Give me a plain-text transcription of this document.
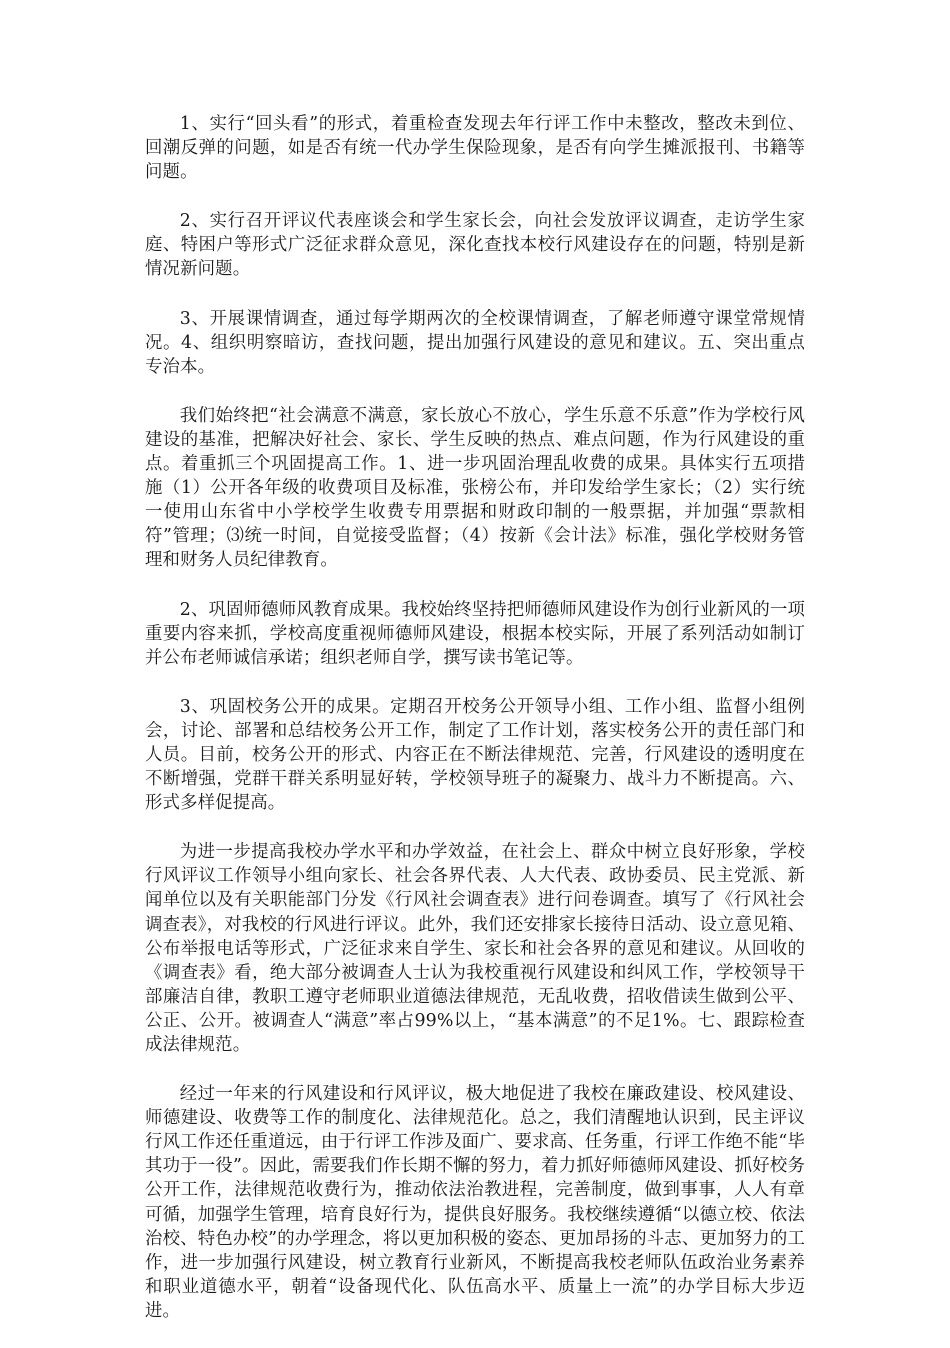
1、实行“回头看”的形式，着重检查发现去年行评工作中未整改，整改未到位、回潮反弹的问题，如是否有统一代办学生保险现象，是否有向学生摊派报刊、书籍等问题。

2、实行召开评议代表座谈会和学生家长会，向社会发放评议调查，走访学生家庭、特困户等形式广泛征求群众意见，深化查找本校行风建设存在的问题，特别是新情况新问题。

3、开展课情调查，通过每学期两次的全校课情调查，了解老师遵守课堂常规情况。4、组织明察暗访，查找问题，提出加强行风建设的意见和建议。五、突出重点专治本。

我们始终把“社会满意不满意，家长放心不放心，学生乐意不乐意”作为学校行风建设的基准，把解决好社会、家长、学生反映的热点、难点问题，作为行风建设的重点。着重抓三个巩固提高工作。1、进一步巩固治理乱收费的成果。具体实行五项措施（1）公开各年级的收费项目及标准，张榜公布，并印发给学生家长；（2）实行统一使用山东省中小学校学生收费专用票据和财政印制的一般票据，并加强“票款相符”管理；⑶统一时间，自觉接受监督；（4）按新《会计法》标准，强化学校财务管理和财务人员纪律教育。

2、巩固师德师风教育成果。我校始终坚持把师德师风建设作为创行业新风的一项重要内容来抓，学校高度重视师德师风建设，根据本校实际，开展了系列活动如制订并公布老师诚信承诺；组织老师自学，撰写读书笔记等。

3、巩固校务公开的成果。定期召开校务公开领导小组、工作小组、监督小组例会，讨论、部署和总结校务公开工作，制定了工作计划，落实校务公开的责任部门和人员。目前，校务公开的形式、内容正在不断法律规范、完善，行风建设的透明度在不断增强，党群干群关系明显好转，学校领导班子的凝聚力、战斗力不断提高。六、形式多样促提高。

为进一步提高我校办学水平和办学效益，在社会上、群众中树立良好形象，学校行风评议工作领导小组向家长、社会各界代表、人大代表、政协委员、民主党派、新闻单位以及有关职能部门分发《行风社会调查表》进行问卷调查。填写了《行风社会调查表》，对我校的行风进行评议。此外，我们还安排家长接待日活动、设立意见箱、公布举报电话等形式，广泛征求来自学生、家长和社会各界的意见和建议。从回收的《调查表》看，绝大部分被调查人士认为我校重视行风建设和纠风工作，学校领导干部廉洁自律，教职工遵守老师职业道德法律规范，无乱收费，招收借读生做到公平、公正、公开。被调查人“满意”率占99%以上，“基本满意”的不足1%。七、跟踪检查成法律规范。

经过一年来的行风建设和行风评议，极大地促进了我校在廉政建设、校风建设、师德建设、收费等工作的制度化、法律规范化。总之，我们清醒地认识到，民主评议行风工作还任重道远，由于行评工作涉及面广、要求高、任务重，行评工作绝不能“毕其功于一役”。因此，需要我们作长期不懈的努力，着力抓好师德师风建设、抓好校务公开工作，法律规范收费行为，推动依法治教进程，完善制度，做到事事，人人有章可循，加强学生管理，培育良好行为，提供良好服务。我校继续遵循“以德立校、依法治校、特色办校”的办学理念，将以更加积极的姿态、更加昂扬的斗志、更加努力的工作，进一步加强行风建设，树立教育行业新风，不断提高我校老师队伍政治业务素养和职业道德水平，朝着“设备现代化、队伍高水平、质量上一流”的办学目标大步迈进。
